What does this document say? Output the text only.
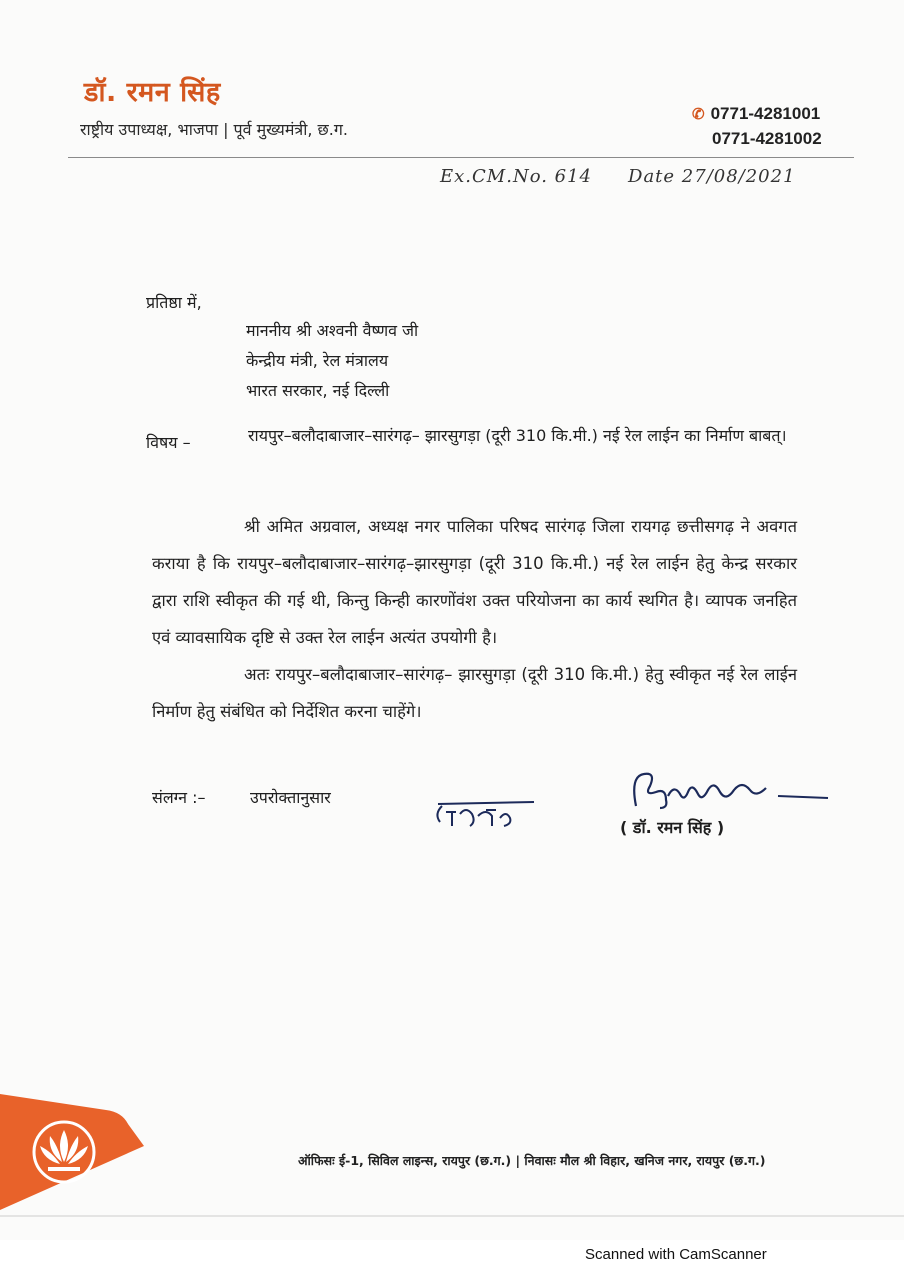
डॉ. रमन सिंह
राष्ट्रीय उपाध्यक्ष, भाजपा | पूर्व मुख्यमंत्री, छ.ग.
✆ 0771-4281001
0771-4281002
Ex.CM.No. 614 Date 27/08/2021
प्रतिष्ठा में,
माननीय श्री अश्वनी वैष्णव जी
केन्द्रीय मंत्री, रेल मंत्रालय
भारत सरकार, नई दिल्ली
विषय –	रायपुर–बलौदाबाजार–सारंगढ़– झारसुगड़ा (दूरी 310 कि.मी.) नई रेल लाईन का निर्माण बाबत्।

श्री अमित अग्रवाल, अध्यक्ष नगर पालिका परिषद सारंगढ़ जिला रायगढ़ छत्तीसगढ़ ने अवगत कराया है कि रायपुर–बलौदाबाजार–सारंगढ़–झारसुगड़ा (दूरी 310 कि.मी.) नई रेल लाईन हेतु केन्द्र सरकार द्वारा राशि स्वीकृत की गई थी, किन्तु किन्ही कारणोंवंश उक्त परियोजना का कार्य स्थगित है। व्यापक जनहित एवं व्यावसायिक दृष्टि से उक्त रेल लाईन अत्यंत उपयोगी है।

अतः रायपुर–बलौदाबाजार–सारंगढ़– झारसुगड़ा (दूरी 310 कि.मी.) हेतु स्वीकृत नई रेल लाईन निर्माण हेतु संबंधित को निर्देशित करना चाहेंगे।

संलग्न :–	उपरोक्तानुसार
( डॉ. रमन सिंह )
ऑफिसः ई-1, सिविल लाइन्स, रायपुर (छ.ग.) | निवासः मौल श्री विहार, खनिज नगर, रायपुर (छ.ग.)
Scanned with CamScanner
